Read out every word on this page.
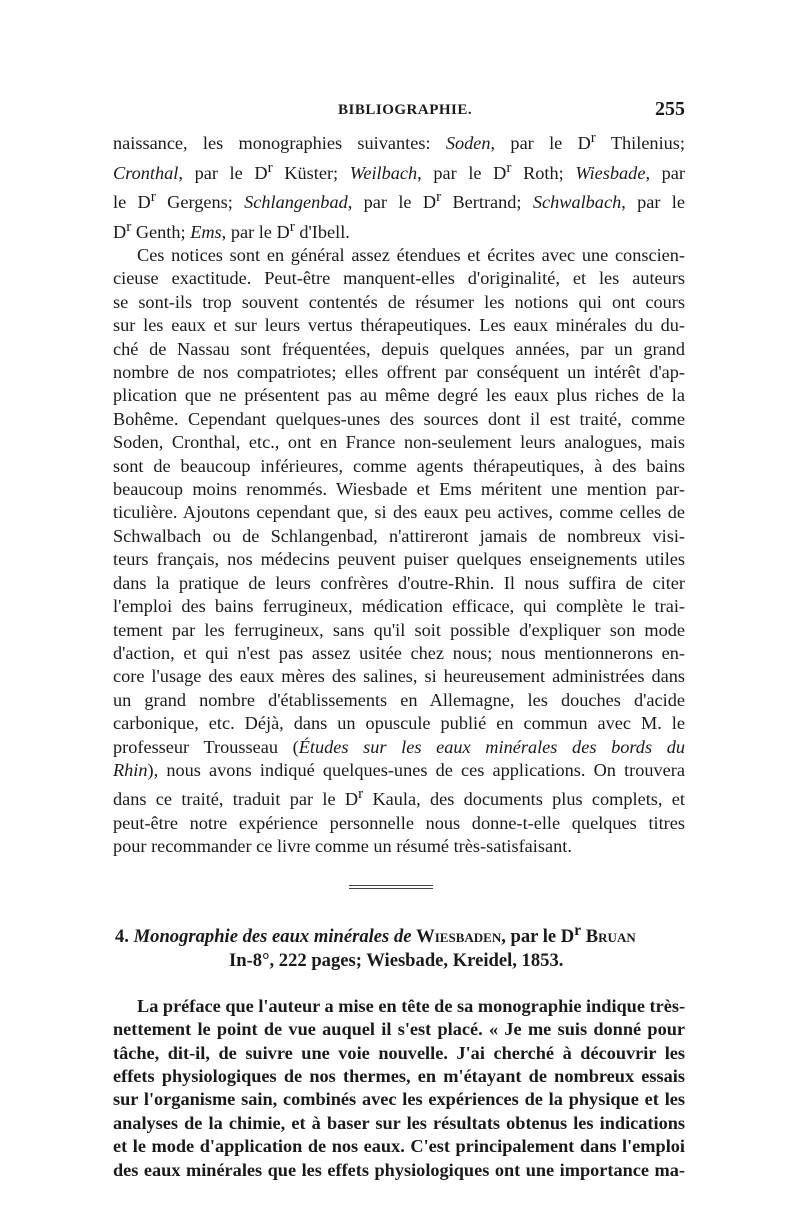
BIBLIOGRAPHIE.	255

naissance, les monographies suivantes: Soden, par le $D^r$ Thilenius;
Cronthal, par le $D^r$ Küster; Weilbach, par le $D^r$ Roth; Wiesbade, par
le $D^r$ Gergens; Schlangenbad, par le $D^r$ Bertrand; Schwalbach, par le
$D^r$ Genth; Ems, par le $D^r$ d'Ibell.

Ces notices sont en général assez étendues et écrites avec une conscien-
cieuse exactitude. Peut-être manquent-elles d'originalité, et les auteurs
se sont-ils trop souvent contentés de résumer les notions qui ont cours
sur les eaux et sur leurs vertus thérapeutiques. Les eaux minérales du du-
ché de Nassau sont fréquentées, depuis quelques années, par un grand
nombre de nos compatriotes; elles offrent par conséquent un intérêt d'ap-
plication que ne présentent pas au même degré les eaux plus riches de la
Bohême. Cependant quelques-unes des sources dont il est traité, comme
Soden, Cronthal, etc., ont en France non-seulement leurs analogues, mais
sont de beaucoup inférieures, comme agents thérapeutiques, à des bains
beaucoup moins renommés. Wiesbade et Ems méritent une mention par-
ticulière. Ajoutons cependant que, si des eaux peu actives, comme celles de
Schwalbach ou de Schlangenbad, n'attireront jamais de nombreux visi-
teurs français, nos médecins peuvent puiser quelques enseignements utiles
dans la pratique de leurs confrères d'outre-Rhin. Il nous suffira de citer
l'emploi des bains ferrugineux, médication efficace, qui complète le trai-
tement par les ferrugineux, sans qu'il soit possible d'expliquer son mode
d'action, et qui n'est pas assez usitée chez nous; nous mentionnerons en-
core l'usage des eaux mères des salines, si heureusement administrées dans
un grand nombre d'établissements en Allemagne, les douches d'acide
carbonique, etc. Déjà, dans un opuscule publié en commun avec M. le
professeur Trousseau (Études sur les eaux minérales des bords du
Rhin), nous avons indiqué quelques-unes de ces applications. On trouvera
dans ce traité, traduit par le $D^r$ Kaula, des documents plus complets, et
peut-être notre expérience personnelle nous donne-t-elle quelques titres
pour recommander ce livre comme un résumé très-satisfaisant.

4. Monographie des eaux minérales de Wiesbaden, par le $D^r$ Bruan
In-8°, 222 pages; Wiesbade, Kreidel, 1853.

La préface que l'auteur a mise en tête de sa monographie indique très-
nettement le point de vue auquel il s'est placé. « Je me suis donné pour
tâche, dit-il, de suivre une voie nouvelle. J'ai cherché à découvrir les
effets physiologiques de nos thermes, en m'étayant de nombreux essais
sur l'organisme sain, combinés avec les expériences de la physique et les
analyses de la chimie, et à baser sur les résultats obtenus les indications
et le mode d'application de nos eaux. C'est principalement dans l'emploi
des eaux minérales que les effets physiologiques ont une importance ma-
